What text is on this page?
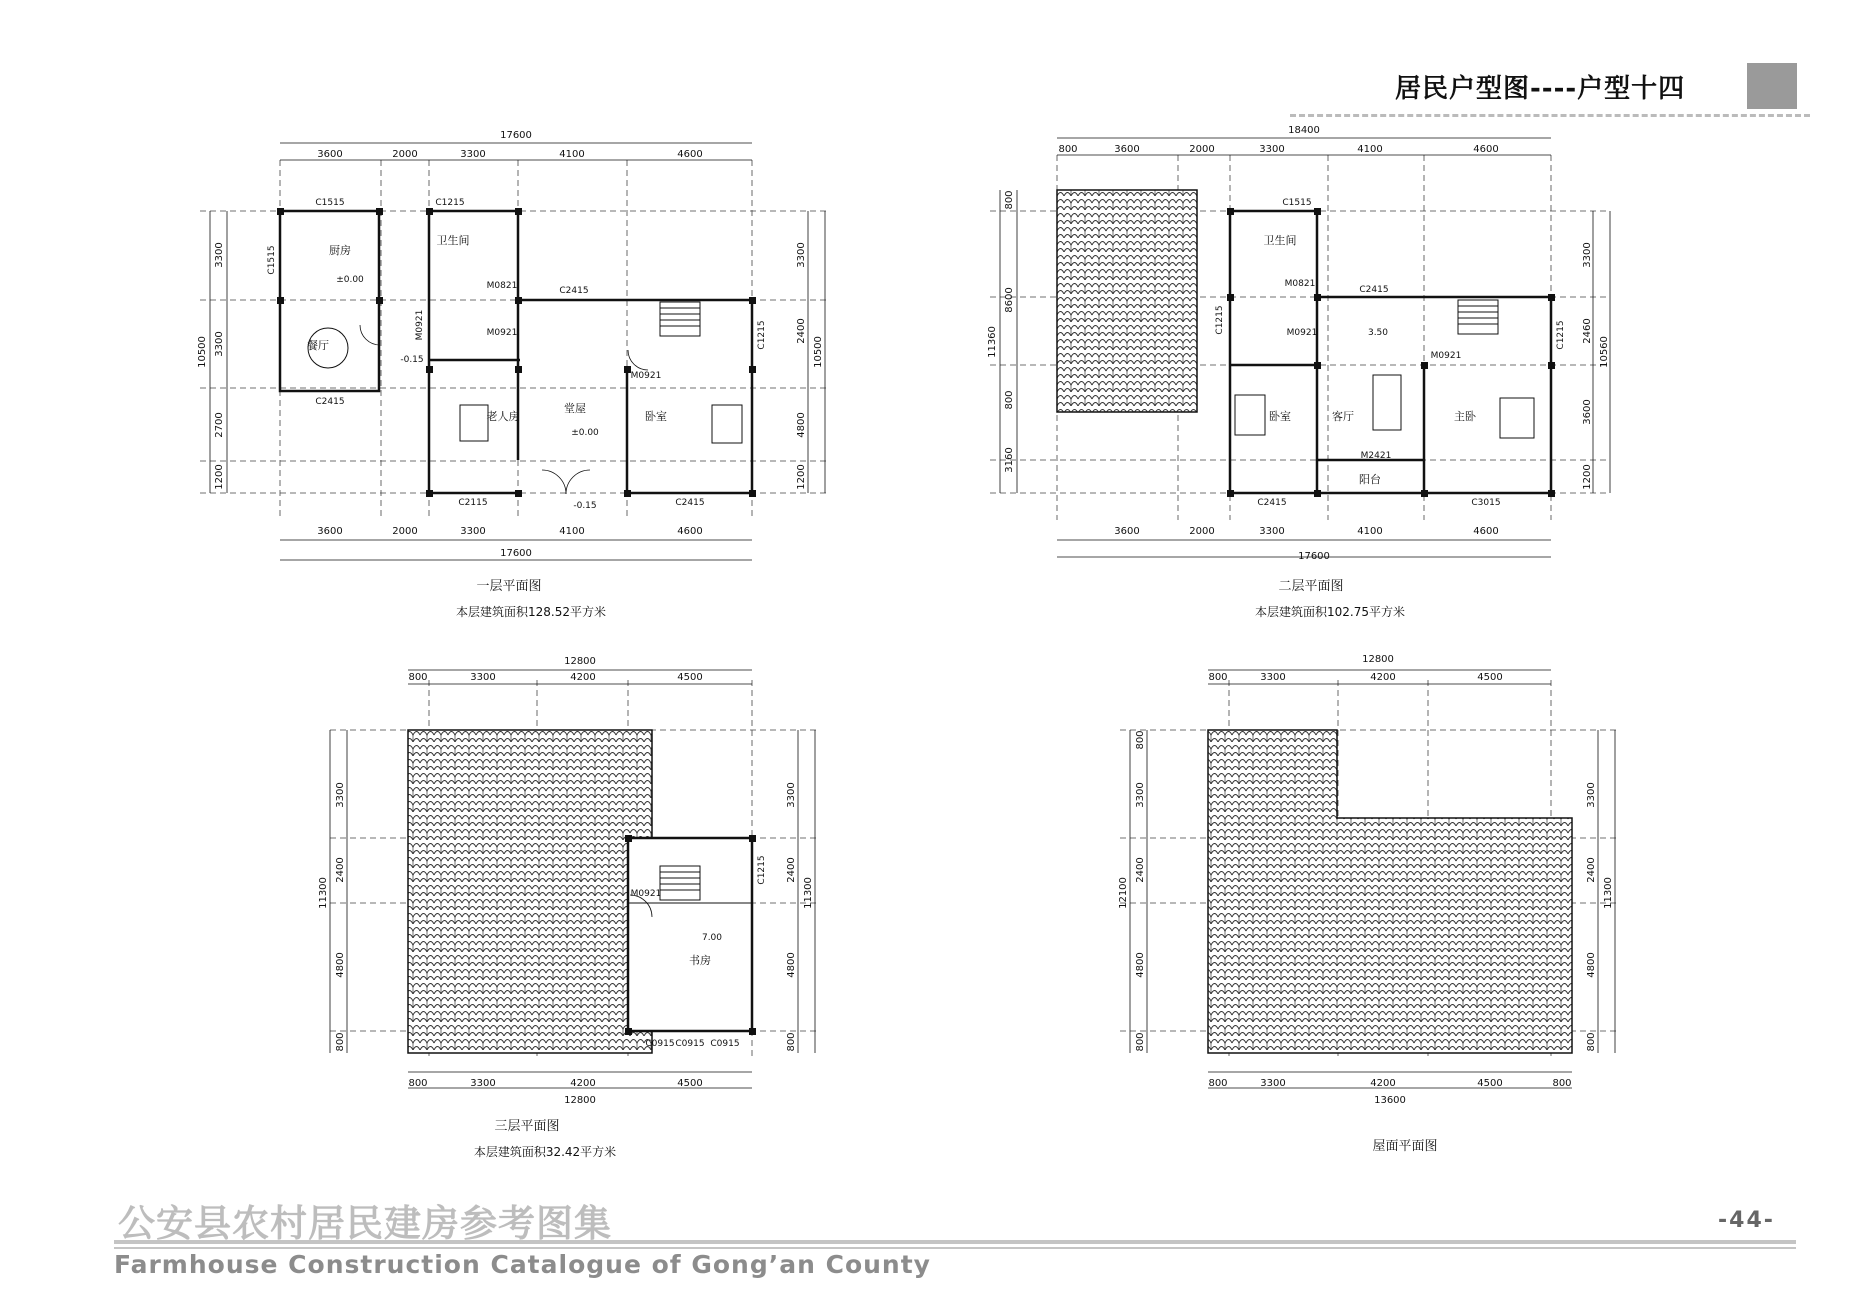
居民户型图----户型十四
17600
3600	2000	3300	4100	4600
3600	2000	3300	4100	4600
17600
10500
3300
3300
2700
1200
3300
2400
4800
1200
10500
厨房
餐厅
卫生间
老人房
堂屋
卧室
C1515	C1215
C1515
C2415
C2415
C2115	C2415
C1215
M0821
M0921	M0921
M0921
±0.00
-0.15
±0.00
-0.15
一层平面图
本层建筑面积128.52平方米
18400
800	3600	2000	3300	4100	4600
3600	2000	3300	4100	4600
17600
11360
800
8600
800
3160
3300
2460
3600
1200
10560
卫生间
卧室	客厅	主卧
阳台
C1515
C2415
C1215
C1215
M0821
M0921
M0921
M2421
C2415	C3015
3.50
二层平面图
本层建筑面积102.75平方米
12800
800	3300	4200	4500
800	3300	4200	4500
12800
11300
3300
2400
4800
800
3300
2400
4800
800
11300
书房
M0921
C1215
C0915 C0915 C0915
7.00
三层平面图
本层建筑面积32.42平方米
12800
800	3300	4200	4500
800	3300	4200	4500	800
13600
12100
800
3300
2400
4800
800
3300
2400
4800
800
11300
屋面平面图
公安县农村居民建房参考图集	-44-
Farmhouse Construction Catalogue of Gong’an County
